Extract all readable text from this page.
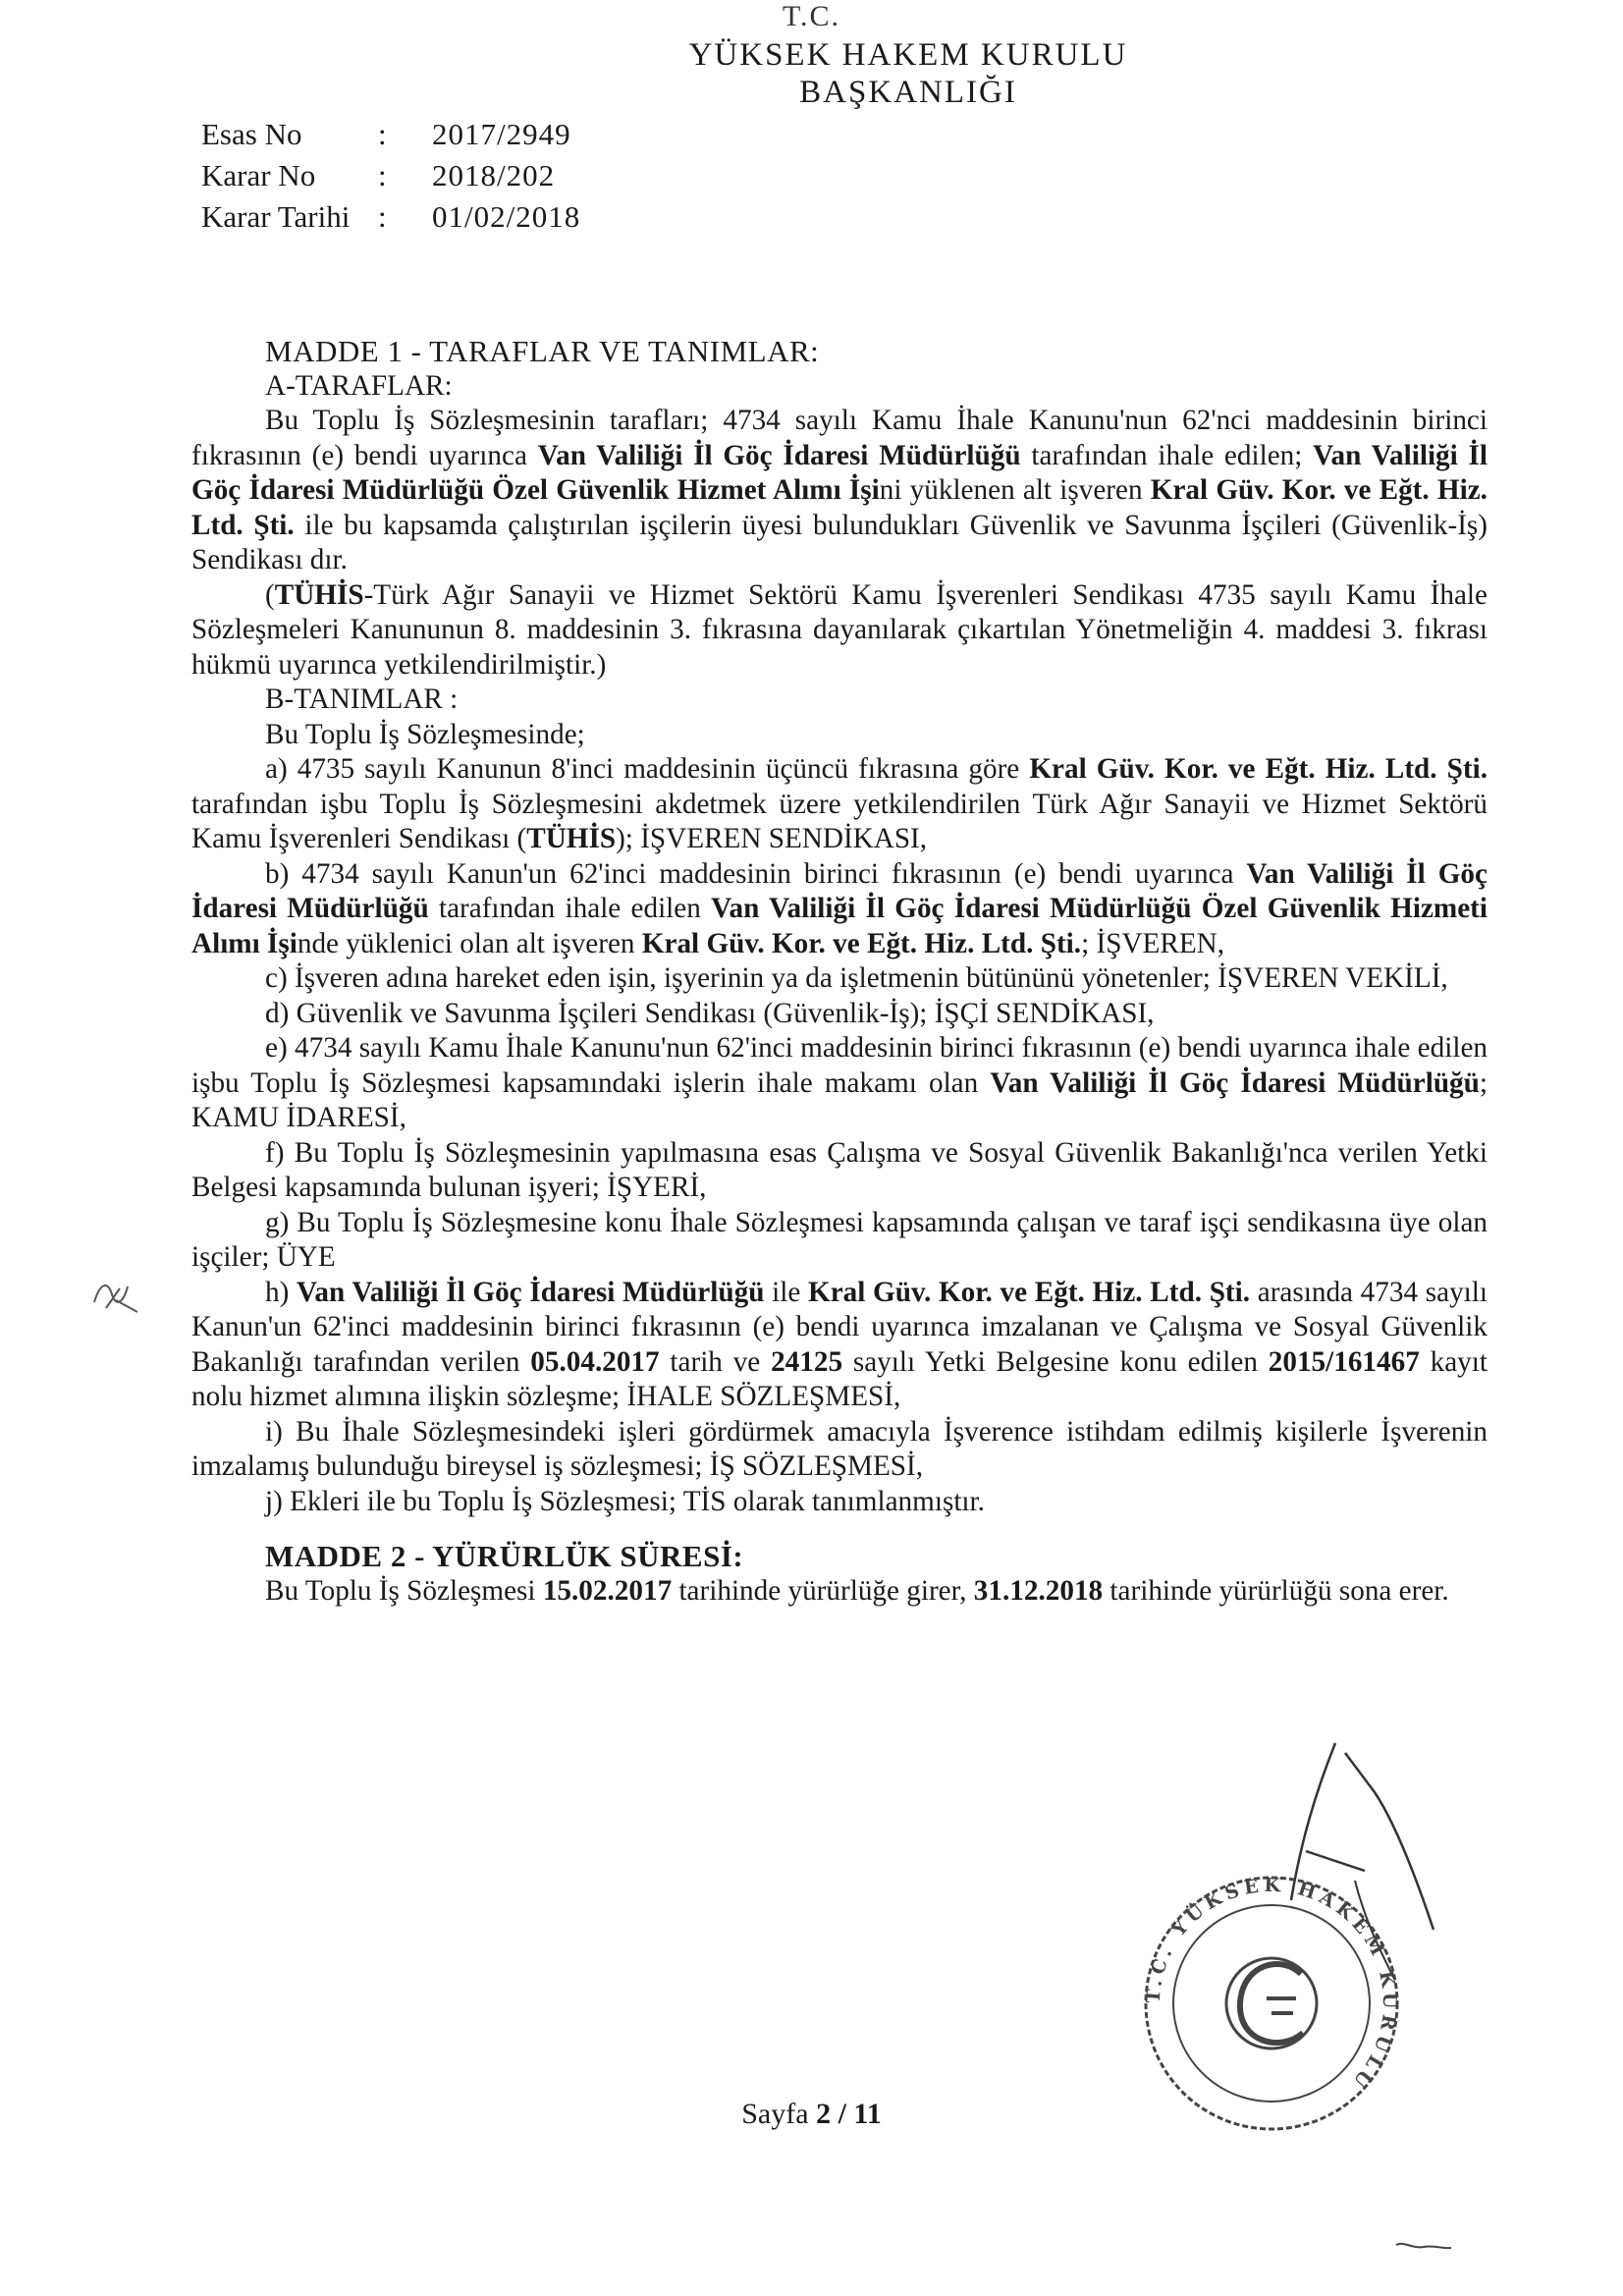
T.C.
YÜKSEK HAKEM KURULU
BAŞKANLIĞI
Esas No	:	2017/2949
Karar No	:	2018/202
Karar Tarihi :	01/02/2018

MADDE 1 - TARAFLAR VE TANIMLAR:

A-TARAFLAR:

Bu Toplu İş Sözleşmesinin tarafları; 4734 sayılı Kamu İhale Kanunu'nun 62'nci maddesinin birinci fıkrasının (e) bendi uyarınca Van Valiliği İl Göç İdaresi Müdürlüğü tarafından ihale edilen; Van Valiliği İl Göç İdaresi Müdürlüğü Özel Güvenlik Hizmet Alımı İşini yüklenen alt işveren Kral Güv. Kor. ve Eğt. Hiz. Ltd. Şti. ile bu kapsamda çalıştırılan işçilerin üyesi bulundukları Güvenlik ve Savunma İşçileri (Güvenlik-İş) Sendikası dır.

(TÜHİS-Türk Ağır Sanayii ve Hizmet Sektörü Kamu İşverenleri Sendikası 4735 sayılı Kamu İhale Sözleşmeleri Kanununun 8. maddesinin 3. fıkrasına dayanılarak çıkartılan Yönetmeliğin 4. maddesi 3. fıkrası hükmü uyarınca yetkilendirilmiştir.)

B-TANIMLAR :

Bu Toplu İş Sözleşmesinde;

a) 4735 sayılı Kanunun 8'inci maddesinin üçüncü fıkrasına göre Kral Güv. Kor. ve Eğt. Hiz. Ltd. Şti. tarafından işbu Toplu İş Sözleşmesini akdetmek üzere yetkilendirilen Türk Ağır Sanayii ve Hizmet Sektörü Kamu İşverenleri Sendikası (TÜHİS); İŞVEREN SENDİKASI,

b) 4734 sayılı Kanun'un 62'inci maddesinin birinci fıkrasının (e) bendi uyarınca Van Valiliği İl Göç İdaresi Müdürlüğü tarafından ihale edilen Van Valiliği İl Göç İdaresi Müdürlüğü Özel Güvenlik Hizmeti Alımı İşinde yüklenici olan alt işveren Kral Güv. Kor. ve Eğt. Hiz. Ltd. Şti.; İŞVEREN,

c) İşveren adına hareket eden işin, işyerinin ya da işletmenin bütününü yönetenler; İŞVEREN VEKİLİ,

d) Güvenlik ve Savunma İşçileri Sendikası (Güvenlik-İş); İŞÇİ SENDİKASI,

e) 4734 sayılı Kamu İhale Kanunu'nun 62'inci maddesinin birinci fıkrasının (e) bendi uyarınca ihale edilen işbu Toplu İş Sözleşmesi kapsamındaki işlerin ihale makamı olan Van Valiliği İl Göç İdaresi Müdürlüğü; KAMU İDARESİ,

f) Bu Toplu İş Sözleşmesinin yapılmasına esas Çalışma ve Sosyal Güvenlik Bakanlığı'nca verilen Yetki Belgesi kapsamında bulunan işyeri; İŞYERİ,

g) Bu Toplu İş Sözleşmesine konu İhale Sözleşmesi kapsamında çalışan ve taraf işçi sendikasına üye olan işçiler; ÜYE

h) Van Valiliği İl Göç İdaresi Müdürlüğü ile Kral Güv. Kor. ve Eğt. Hiz. Ltd. Şti. arasında 4734 sayılı Kanun'un 62'inci maddesinin birinci fıkrasının (e) bendi uyarınca imzalanan ve Çalışma ve Sosyal Güvenlik Bakanlığı tarafından verilen 05.04.2017 tarih ve 24125 sayılı Yetki Belgesine konu edilen 2015/161467 kayıt nolu hizmet alımına ilişkin sözleşme; İHALE SÖZLEŞMESİ,

i) Bu İhale Sözleşmesindeki işleri gördürmek amacıyla İşverence istihdam edilmiş kişilerle İşverenin imzalamış bulunduğu bireysel iş sözleşmesi; İŞ SÖZLEŞMESİ,

j) Ekleri ile bu Toplu İş Sözleşmesi; TİS olarak tanımlanmıştır.

MADDE 2 - YÜRÜRLÜK SÜRESİ:

Bu Toplu İş Sözleşmesi 15.02.2017 tarihinde yürürlüğe girer, 31.12.2018 tarihinde yürürlüğü sona erer.

T.C. YÜKSEK HAKEM KURULU
Sayfa 2 / 11
